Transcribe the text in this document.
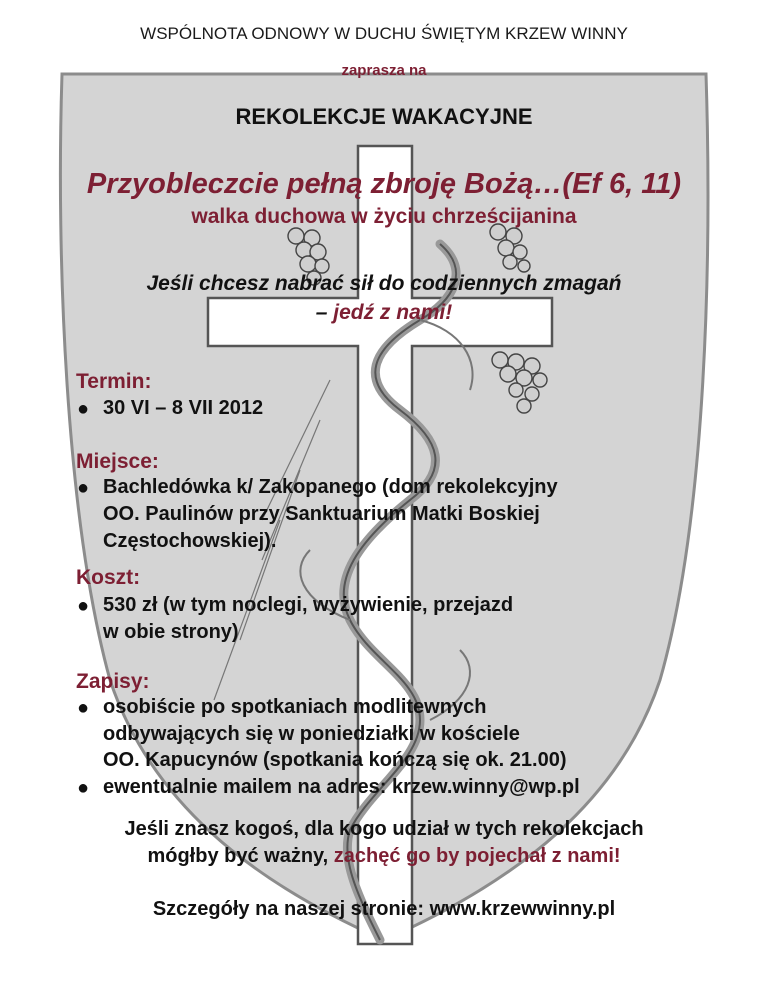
WSPÓLNOTA ODNOWY W DUCHU ŚWIĘTYM KRZEW WINNY
zaprasza na
REKOLEKCJE WAKACYJNE
Przyobleczcie pełną zbroję Bożą…(Ef 6, 11)
walka duchowa w życiu chrześcijanina
Jeśli chcesz nabrać sił do codziennych zmagań
– jedź z nami!
Termin:
● 30 VI – 8 VII 2012
Miejsce:
● Bachledówka k/ Zakopanego (dom rekolekcyjny
OO. Paulinów przy Sanktuarium Matki Boskiej
Częstochowskiej).
Koszt:
● 530 zł (w tym noclegi, wyżywienie, przejazd
w obie strony)
Zapisy:
● osobiście po spotkaniach modlitewnych
odbywających się w poniedziałki w kościele
OO. Kapucynów (spotkania kończą się ok. 21.00)
● ewentualnie mailem na adres: krzew.winny@wp.pl
Jeśli znasz kogoś, dla kogo udział w tych rekolekcjach
mógłby być ważny, zachęć go by pojechał z nami!
Szczegóły na naszej stronie: www.krzewwinny.pl
